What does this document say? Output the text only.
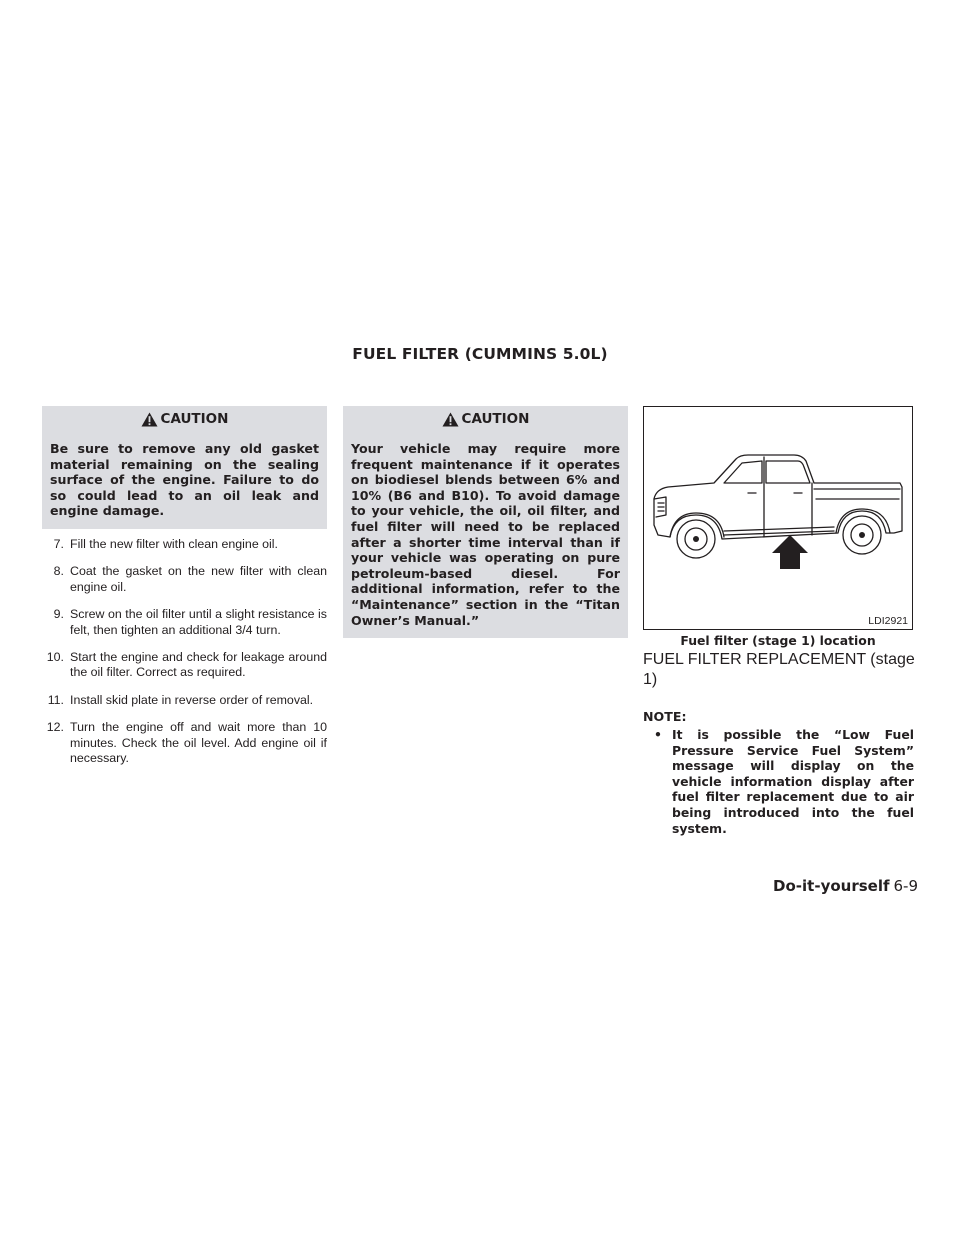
FUEL FILTER (CUMMINS 5.0L)
CAUTION
Be sure to remove any old gasket material remaining on the sealing surface of the engine. Failure to do so could lead to an oil leak and engine damage.
7. Fill the new filter with clean engine oil.
8. Coat the gasket on the new filter with clean engine oil.
9. Screw on the oil filter until a slight resistance is felt, then tighten an additional 3/4 turn.
10. Start the engine and check for leakage around the oil filter. Correct as required.
11. Install skid plate in reverse order of removal.
12. Turn the engine off and wait more than 10 minutes. Check the oil level. Add engine oil if necessary.
CAUTION
Your vehicle may require more frequent maintenance if it operates on biodiesel blends between 6% and 10% (B6 and B10). To avoid damage to your vehicle, the oil, oil filter, and fuel filter will need to be replaced after a shorter time interval than if your vehicle was operating on pure petroleum-based diesel. For additional information, refer to the “Maintenance” section in the “Titan Owner’s Manual.”	LDI2921
Fuel filter (stage 1) location
FUEL FILTER REPLACEMENT (stage 1)
NOTE:
• It is possible the “Low Fuel Pressure Service Fuel System” message will display on the vehicle information display after fuel filter replacement due to air being introduced into the fuel system.
Do-it-yourself 6-9
